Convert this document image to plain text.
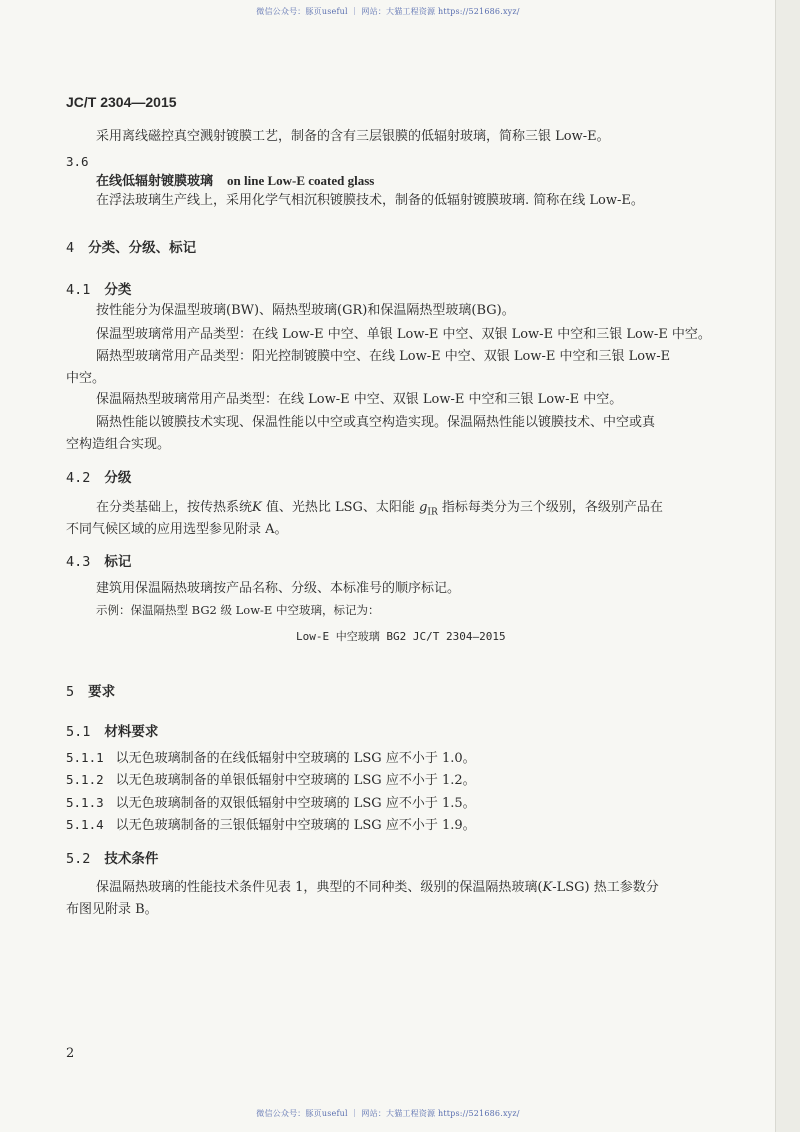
微信公众号：豚页useful ｜ 网站：大猫工程资源 https://521686.xyz/
JC/T 2304—2015
采用离线磁控真空溅射镀膜工艺，制备的含有三层银膜的低辐射玻璃，简称三银 Low-E。
3.6
在线低辐射镀膜玻璃 on line Low-E coated glass
在浮法玻璃生产线上，采用化学气相沉积镀膜技术，制备的低辐射镀膜玻璃. 简称在线 Low-E。
4 分类、分级、标记
4.1 分类
按性能分为保温型玻璃(BW)、隔热型玻璃(GR)和保温隔热型玻璃(BG)。
保温型玻璃常用产品类型：在线 Low-E 中空、单银 Low-E 中空、双银 Low-E 中空和三银 Low-E 中空。
隔热型玻璃常用产品类型：阳光控制镀膜中空、在线 Low-E 中空、双银 Low-E 中空和三银 Low-E
中空。
保温隔热型玻璃常用产品类型：在线 Low-E 中空、双银 Low-E 中空和三银 Low-E 中空。
隔热性能以镀膜技术实现、保温性能以中空或真空构造实现。保温隔热性能以镀膜技术、中空或真
空构造组合实现。
4.2 分级
在分类基础上，按传热系统K 值、光热比 LSG、太阳能 $g_{IR}$ 指标每类分为三个级别，各级别产品在
不同气候区域的应用选型参见附录 A。
4.3 标记
建筑用保温隔热玻璃按产品名称、分级、本标准号的顺序标记。
示例：保温隔热型 BG2 级 Low-E 中空玻璃，标记为：
Low-E 中空玻璃 BG2 JC/T 2304—2015
5 要求
5.1 材料要求
5.1.1 以无色玻璃制备的在线低辐射中空玻璃的 LSG 应不小于 1.0。
5.1.2 以无色玻璃制备的单银低辐射中空玻璃的 LSG 应不小于 1.2。
5.1.3 以无色玻璃制备的双银低辐射中空玻璃的 LSG 应不小于 1.5。
5.1.4 以无色玻璃制备的三银低辐射中空玻璃的 LSG 应不小于 1.9。
5.2 技术条件
保温隔热玻璃的性能技术条件见表 1，典型的不同种类、级别的保温隔热玻璃(K-LSG) 热工参数分
布图见附录 B。
2
微信公众号：豚页useful ｜ 网站：大猫工程资源 https://521686.xyz/
